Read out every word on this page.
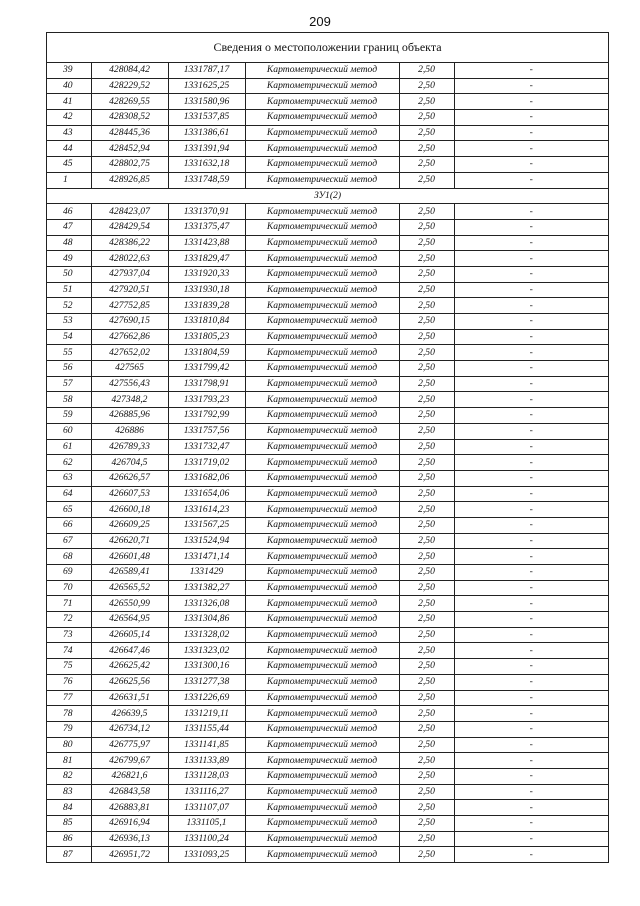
209
Сведения о местоположении границ объекта
39	428084,42	1331787,17	Картометрический метод	2,50	-
40	428229,52	1331625,25	Картометрический метод	2,50	-
41	428269,55	1331580,96	Картометрический метод	2,50	-
42	428308,52	1331537,85	Картометрический метод	2,50	-
43	428445,36	1331386,61	Картометрический метод	2,50	-
44	428452,94	1331391,94	Картометрический метод	2,50	-
45	428802,75	1331632,18	Картометрический метод	2,50	-
1	428926,85	1331748,59	Картометрический метод	2,50	-
ЗУ1(2)					
46	428423,07	1331370,91	Картометрический метод	2,50	-
47	428429,54	1331375,47	Картометрический метод	2,50	-
48	428386,22	1331423,88	Картометрический метод	2,50	-
49	428022,63	1331829,47	Картометрический метод	2,50	-
50	427937,04	1331920,33	Картометрический метод	2,50	-
51	427920,51	1331930,18	Картометрический метод	2,50	-
52	427752,85	1331839,28	Картометрический метод	2,50	-
53	427690,15	1331810,84	Картометрический метод	2,50	-
54	427662,86	1331805,23	Картометрический метод	2,50	-
55	427652,02	1331804,59	Картометрический метод	2,50	-
56	427565	1331799,42	Картометрический метод	2,50	-
57	427556,43	1331798,91	Картометрический метод	2,50	-
58	427348,2	1331793,23	Картометрический метод	2,50	-
59	426885,96	1331792,99	Картометрический метод	2,50	-
60	426886	1331757,56	Картометрический метод	2,50	-
61	426789,33	1331732,47	Картометрический метод	2,50	-
62	426704,5	1331719,02	Картометрический метод	2,50	-
63	426626,57	1331682,06	Картометрический метод	2,50	-
64	426607,53	1331654,06	Картометрический метод	2,50	-
65	426600,18	1331614,23	Картометрический метод	2,50	-
66	426609,25	1331567,25	Картометрический метод	2,50	-
67	426620,71	1331524,94	Картометрический метод	2,50	-
68	426601,48	1331471,14	Картометрический метод	2,50	-
69	426589,41	1331429	Картометрический метод	2,50	-
70	426565,52	1331382,27	Картометрический метод	2,50	-
71	426550,99	1331326,08	Картометрический метод	2,50	-
72	426564,95	1331304,86	Картометрический метод	2,50	-
73	426605,14	1331328,02	Картометрический метод	2,50	-
74	426647,46	1331323,02	Картометрический метод	2,50	-
75	426625,42	1331300,16	Картометрический метод	2,50	-
76	426625,56	1331277,38	Картометрический метод	2,50	-
77	426631,51	1331226,69	Картометрический метод	2,50	-
78	426639,5	1331219,11	Картометрический метод	2,50	-
79	426734,12	1331155,44	Картометрический метод	2,50	-
80	426775,97	1331141,85	Картометрический метод	2,50	-
81	426799,67	1331133,89	Картометрический метод	2,50	-
82	426821,6	1331128,03	Картометрический метод	2,50	-
83	426843,58	1331116,27	Картометрический метод	2,50	-
84	426883,81	1331107,07	Картометрический метод	2,50	-
85	426916,94	1331105,1	Картометрический метод	2,50	-
86	426936,13	1331100,24	Картометрический метод	2,50	-
87	426951,72	1331093,25	Картометрический метод	2,50	-
